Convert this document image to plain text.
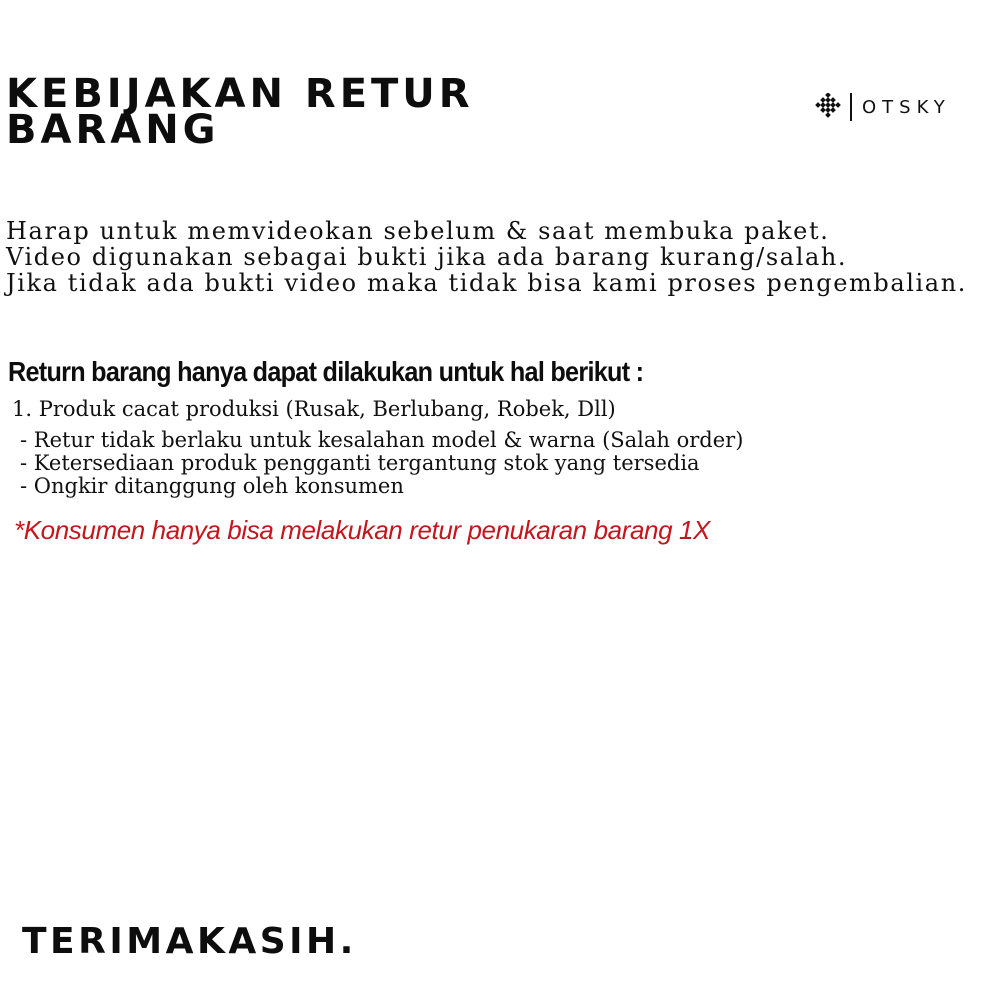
KEBIJAKAN RETUR
BARANG	OTSKY
Harap untuk memvideokan sebelum & saat membuka paket.
Video digunakan sebagai bukti jika ada barang kurang/salah.
Jika tidak ada bukti video maka tidak bisa kami proses pengembalian.
Return barang hanya dapat dilakukan untuk hal berikut :
1. Produk cacat produksi (Rusak, Berlubang, Robek, Dll)
- Retur tidak berlaku untuk kesalahan model & warna (Salah order)
- Ketersediaan produk pengganti tergantung stok yang tersedia
- Ongkir ditanggung oleh konsumen
*Konsumen hanya bisa melakukan retur penukaran barang 1X
TERIMAKASIH.
